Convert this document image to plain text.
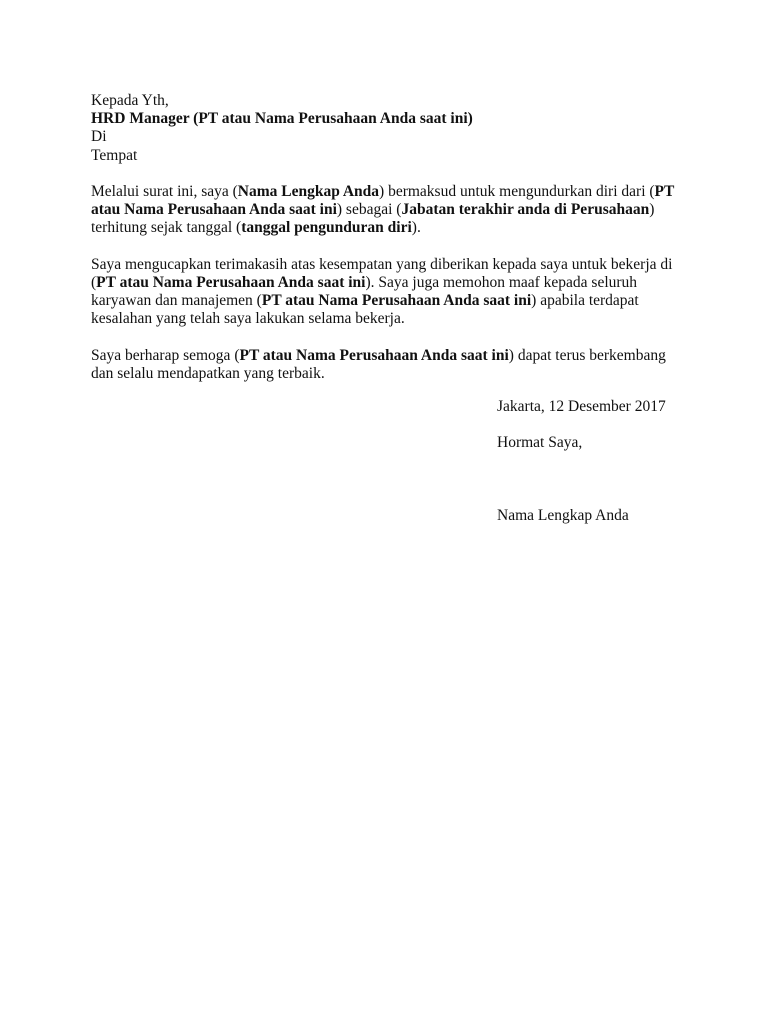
Kepada Yth,
HRD Manager (PT atau Nama Perusahaan Anda saat ini)
Di
Tempat

Melalui surat ini, saya (Nama Lengkap Anda) bermaksud untuk mengundurkan diri dari (PT atau Nama Perusahaan Anda saat ini) sebagai (Jabatan terakhir anda di Perusahaan) terhitung sejak tanggal (tanggal pengunduran diri).

Saya mengucapkan terimakasih atas kesempatan yang diberikan kepada saya untuk bekerja di (PT atau Nama Perusahaan Anda saat ini). Saya juga memohon maaf kepada seluruh karyawan dan manajemen (PT atau Nama Perusahaan Anda saat ini) apabila terdapat kesalahan yang telah saya lakukan selama bekerja.

Saya berharap semoga (PT atau Nama Perusahaan Anda saat ini) dapat terus berkembang dan selalu mendapatkan yang terbaik.

Jakarta, 12 Desember 2017
Hormat Saya,
Nama Lengkap Anda
